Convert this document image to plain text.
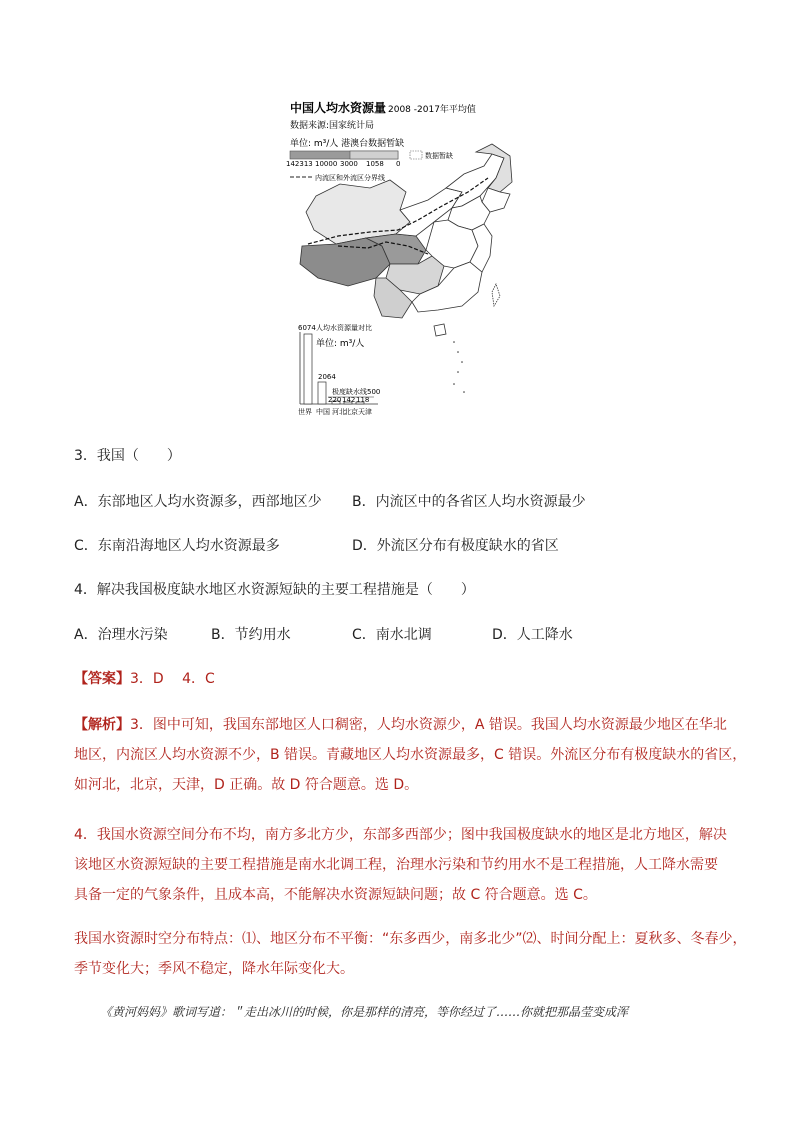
中国人均水资源量 2008 -2017年平均值
数据来源:国家统计局
单位: m³/人 港澳台数据暂缺
142313 10000 3000 1058 0
数据暂缺
内流区和外流区分界线
6074 人均水资源量对比
单位: m³/人
2064
极度缺水线500
220 142 118
世界 中国 河北
北京 天津
3．我国（　　）
A．东部地区人均水资源多，西部地区少 B．内流区中的各省区人均水资源最少
C．东南沿海地区人均水资源最多	D．外流区分布有极度缺水的省区
4．解决我国极度缺水地区水资源短缺的主要工程措施是（　　）
A．治理水污染	B．节约用水	C．南水北调	D．人工降水
【答案】3．D　 4．C
【解析】3．图中可知，我国东部地区人口稠密，人均水资源少，A 错误。我国人均水资源最少地区在华北
地区，内流区人均水资源不少，B 错误。青藏地区人均水资源最多，C 错误。外流区分布有极度缺水的省区，
如河北，北京，天津，D 正确。故 D 符合题意。选 D。
4．我国水资源空间分布不均，南方多北方少，东部多西部少；图中我国极度缺水的地区是北方地区，解决
该地区水资源短缺的主要工程措施是南水北调工程，治理水污染和节约用水不是工程措施，人工降水需要
具备一定的气象条件，且成本高，不能解决水资源短缺问题；故 C 符合题意。选 C。
我国水资源时空分布特点：⑴、地区分布不平衡：“东多西少，南多北少”⑵、时间分配上：夏秋多、冬春少，
季节变化大；季风不稳定，降水年际变化大。
《黄河妈妈》歌词写道：＂走出冰川的时候，你是那样的清亮，等你经过了……你就把那晶莹变成浑
